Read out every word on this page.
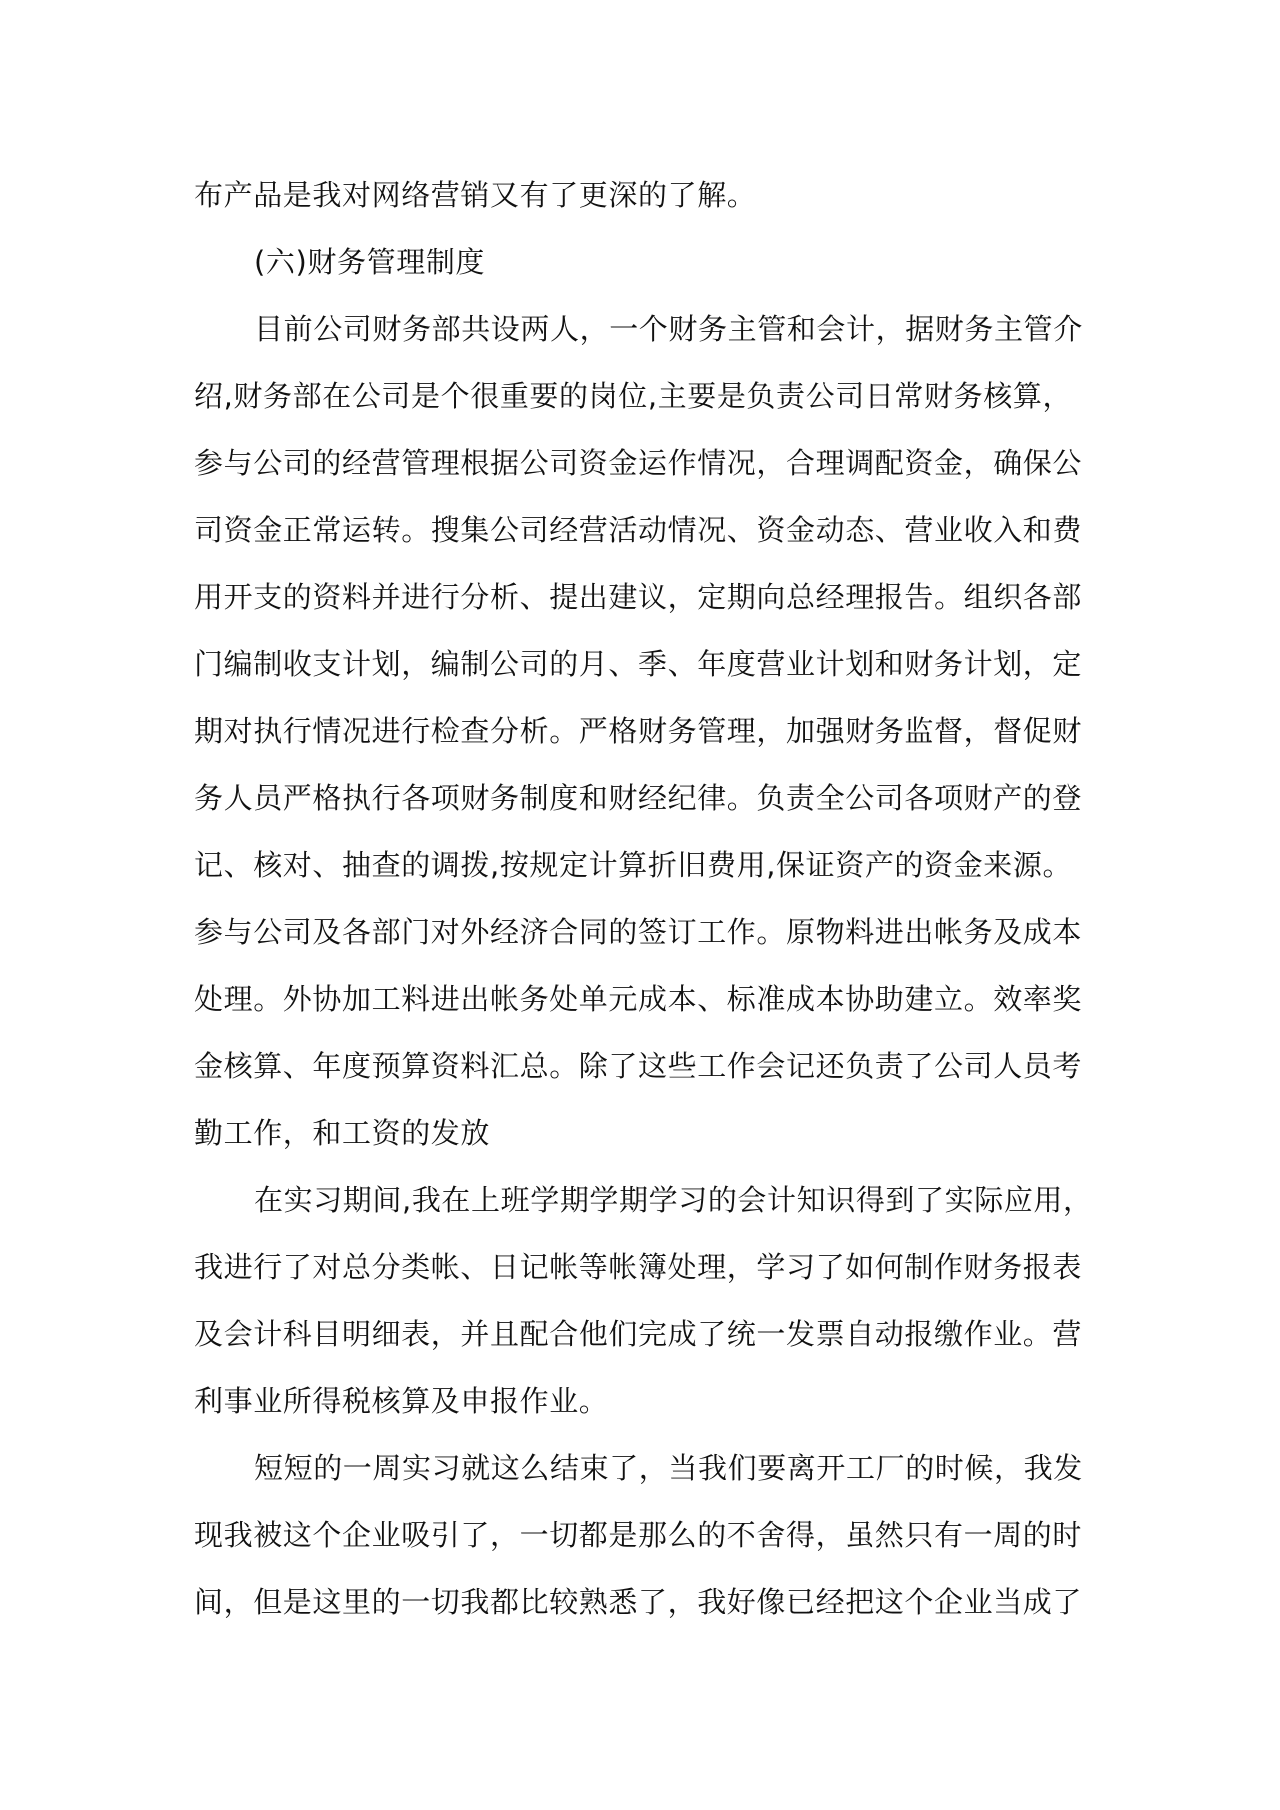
布产品是我对网络营销又有了更深的了解。
(六)财务管理制度
目前公司财务部共设两人，一个财务主管和会计，据财务主管介
绍,财务部在公司是个很重要的岗位,主要是负责公司日常财务核算，
参与公司的经营管理根据公司资金运作情况，合理调配资金，确保公
司资金正常运转。搜集公司经营活动情况、资金动态、营业收入和费
用开支的资料并进行分析、提出建议，定期向总经理报告。组织各部
门编制收支计划，编制公司的月、季、年度营业计划和财务计划，定
期对执行情况进行检查分析。严格财务管理，加强财务监督，督促财
务人员严格执行各项财务制度和财经纪律。负责全公司各项财产的登
记、核对、抽查的调拨,按规定计算折旧费用,保证资产的资金来源。
参与公司及各部门对外经济合同的签订工作。原物料进出帐务及成本
处理。外协加工料进出帐务处单元成本、标准成本协助建立。效率奖
金核算、年度预算资料汇总。除了这些工作会记还负责了公司人员考
勤工作，和工资的发放
在实习期间,我在上班学期学期学习的会计知识得到了实际应用，
我进行了对总分类帐、日记帐等帐簿处理，学习了如何制作财务报表
及会计科目明细表，并且配合他们完成了统一发票自动报缴作业。营
利事业所得税核算及申报作业。
短短的一周实习就这么结束了，当我们要离开工厂的时候，我发
现我被这个企业吸引了，一切都是那么的不舍得，虽然只有一周的时
间，但是这里的一切我都比较熟悉了，我好像已经把这个企业当成了
